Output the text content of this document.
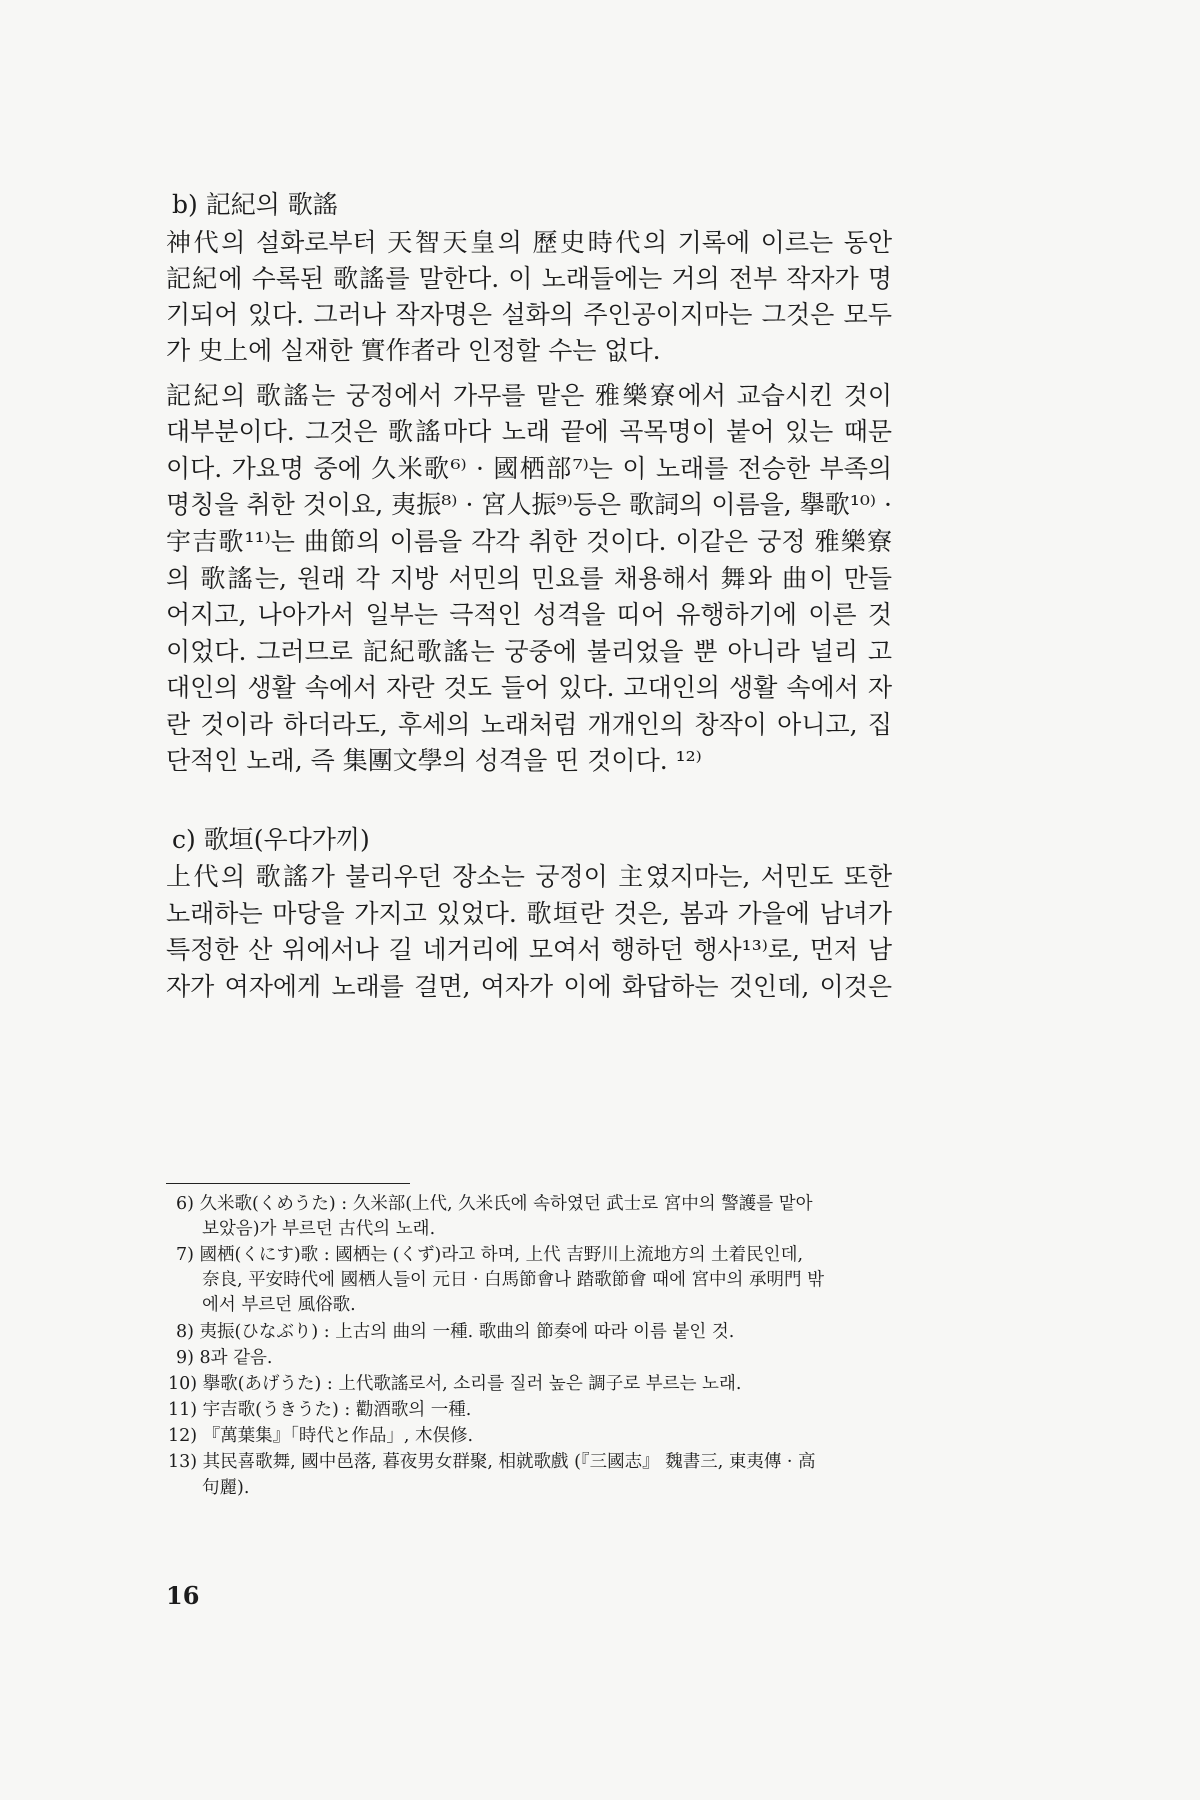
b) 記紀의 歌謠
神代의 설화로부터 天智天皇의 歷史時代의 기록에 이르는 동안
記紀에 수록된 歌謠를 말한다. 이 노래들에는 거의 전부 작자가 명
기되어 있다. 그러나 작자명은 설화의 주인공이지마는 그것은 모두
가 史上에 실재한 實作者라 인정할 수는 없다.
記紀의 歌謠는 궁정에서 가무를 맡은 雅樂寮에서 교습시킨 것이
대부분이다. 그것은 歌謠마다 노래 끝에 곡목명이 붙어 있는 때문
이다. 가요명 중에 久米歌⁶⁾ · 國栖部⁷⁾는 이 노래를 전승한 부족의
명칭을 취한 것이요, 夷振⁸⁾ · 宮人振⁹⁾등은 歌詞의 이름을, 擧歌¹⁰⁾ ·
宇吉歌¹¹⁾는 曲節의 이름을 각각 취한 것이다. 이같은 궁정 雅樂寮
의 歌謠는, 원래 각 지방 서민의 민요를 채용해서 舞와 曲이 만들
어지고, 나아가서 일부는 극적인 성격을 띠어 유행하기에 이른 것
이었다. 그러므로 記紀歌謠는 궁중에 불리었을 뿐 아니라 널리 고
대인의 생활 속에서 자란 것도 들어 있다. 고대인의 생활 속에서 자
란 것이라 하더라도, 후세의 노래처럼 개개인의 창작이 아니고, 집
단적인 노래, 즉 集團文學의 성격을 띤 것이다. ¹²⁾
c) 歌垣(우다가끼)
上代의 歌謠가 불리우던 장소는 궁정이 主였지마는, 서민도 또한
노래하는 마당을 가지고 있었다. 歌垣란 것은, 봄과 가을에 남녀가
특정한 산 위에서나 길 네거리에 모여서 행하던 행사¹³⁾로, 먼저 남
자가 여자에게 노래를 걸면, 여자가 이에 화답하는 것인데, 이것은
6) 久米歌(くめうた) : 久米部(上代, 久米氏에 속하였던 武士로 宮中의 警護를 맡아
보았음)가 부르던 古代의 노래.
7) 國栖(くにす)歌 : 國栖는 (くず)라고 하며, 上代 吉野川上流地方의 土着民인데,
奈良, 平安時代에 國栖人들이 元日 · 白馬節會나 踏歌節會 때에 宮中의 承明門 밖
에서 부르던 風俗歌.
8) 夷振(ひなぶり) : 上古의 曲의 一種. 歌曲의 節奏에 따라 이름 붙인 것.
9) 8과 같음.
10) 擧歌(あげうた) : 上代歌謠로서, 소리를 질러 높은 調子로 부르는 노래.
11) 宇吉歌(うきうた) : 勸酒歌의 一種.
12) 『萬葉集』「時代と作品」, 木俣修.
13) 其民喜歌舞, 國中邑落, 暮夜男女群聚, 相就歌戲 (『三國志』 魏書三, 東夷傳 · 高
句麗).
16
